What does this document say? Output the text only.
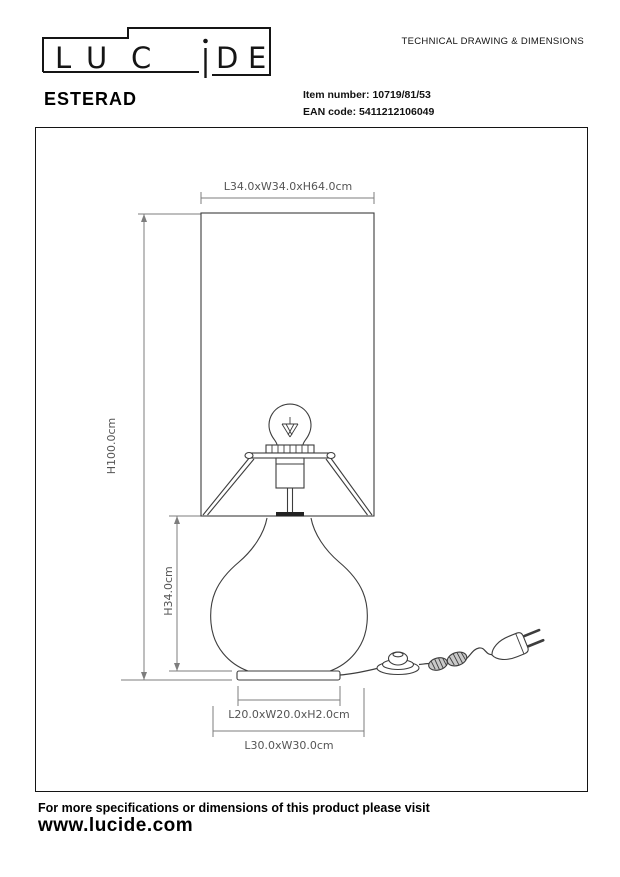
L U C D E
ESTERAD
TECHNICAL DRAWING & DIMENSIONS
Item number: 10719/81/53
EAN code: 5411212106049
L34.0xW34.0xH64.0cm
H100.0cm
H34.0cm
L20.0xW20.0xH2.0cm
L30.0xW30.0cm
For more specifications or dimensions of this product please visit
www.lucide.com
